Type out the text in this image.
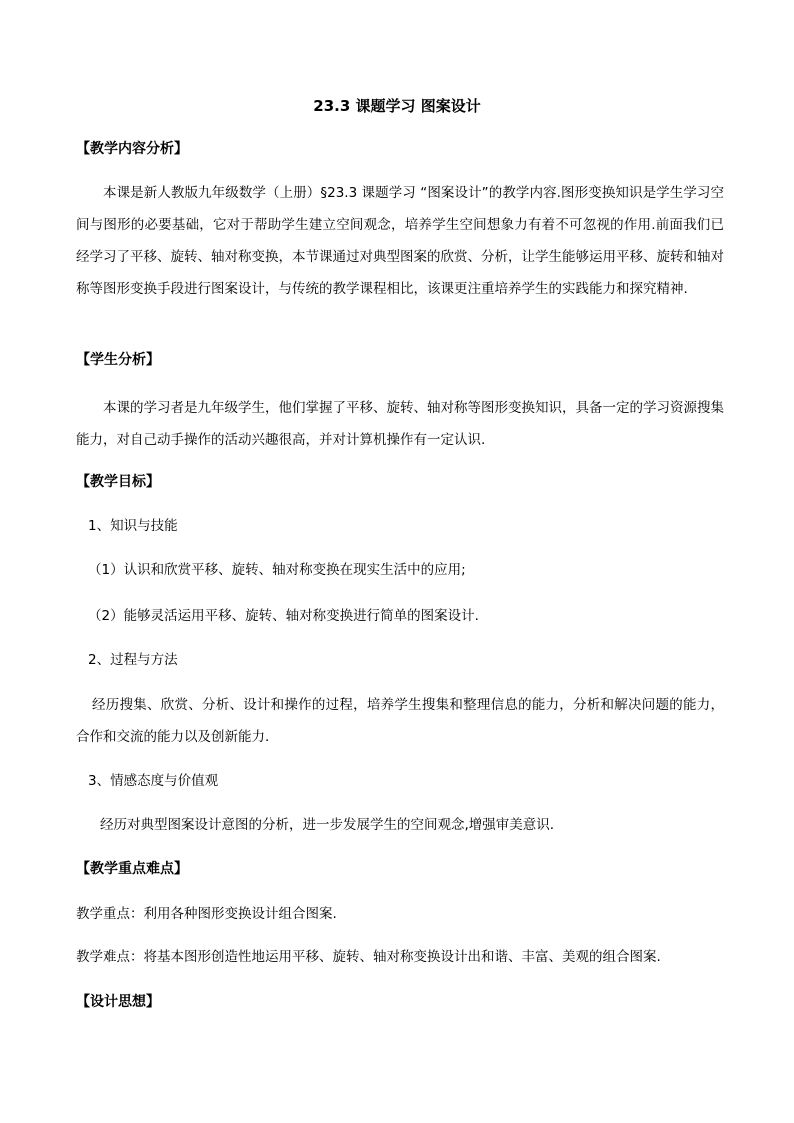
23.3 课题学习 图案设计
【教学内容分析】

本课是新人教版九年级数学（上册）§23.3 课题学习 “图案设计”的教学内容.图形变换知识是学生学习空间与图形的必要基础，它对于帮助学生建立空间观念，培养学生空间想象力有着不可忽视的作用.前面我们已经学习了平移、旋转、轴对称变换，本节课通过对典型图案的欣赏、分析，让学生能够运用平移、旋转和轴对称等图形变换手段进行图案设计，与传统的教学课程相比，该课更注重培养学生的实践能力和探究精神.

【学生分析】

本课的学习者是九年级学生，他们掌握了平移、旋转、轴对称等图形变换知识，具备一定的学习资源搜集能力，对自己动手操作的活动兴趣很高，并对计算机操作有一定认识.

【教学目标】
1、知识与技能
（1）认识和欣赏平移、旋转、轴对称变换在现实生活中的应用;
（2）能够灵活运用平移、旋转、轴对称变换进行简单的图案设计.
2、过程与方法

经历搜集、欣赏、分析、设计和操作的过程，培养学生搜集和整理信息的能力，分析和解决问题的能力，合作和交流的能力以及创新能力.

3、情感态度与价值观
经历对典型图案设计意图的分析，进一步发展学生的空间观念,增强审美意识.
【教学重点难点】
教学重点：利用各种图形变换设计组合图案.
教学难点：将基本图形创造性地运用平移、旋转、轴对称变换设计出和谐、丰富、美观的组合图案.
【设计思想】
